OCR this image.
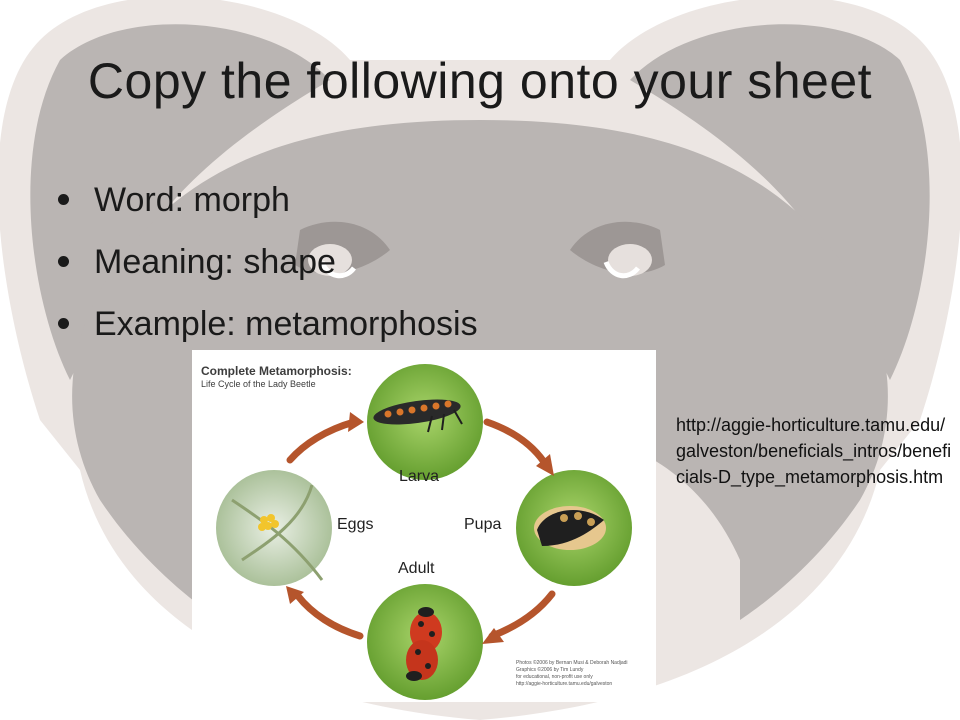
Copy the following onto your sheet
Word: morph
Meaning: shape
Example: metamorphosis
Complete Metamorphosis:
Life Cycle of the Lady Beetle
Larva
Pupa
Adult
Eggs
Photos ©2006 by Bernan Musi & Deborah Nadjadi
Graphics ©2006 by Tim Lundy
for educational, non-profit use only
http://aggie-horticulture.tamu.edu/galveston
http://aggie-horticulture.tamu.edu/galveston/beneficials_intros/beneficials-D_type_metamorphosis.htm
